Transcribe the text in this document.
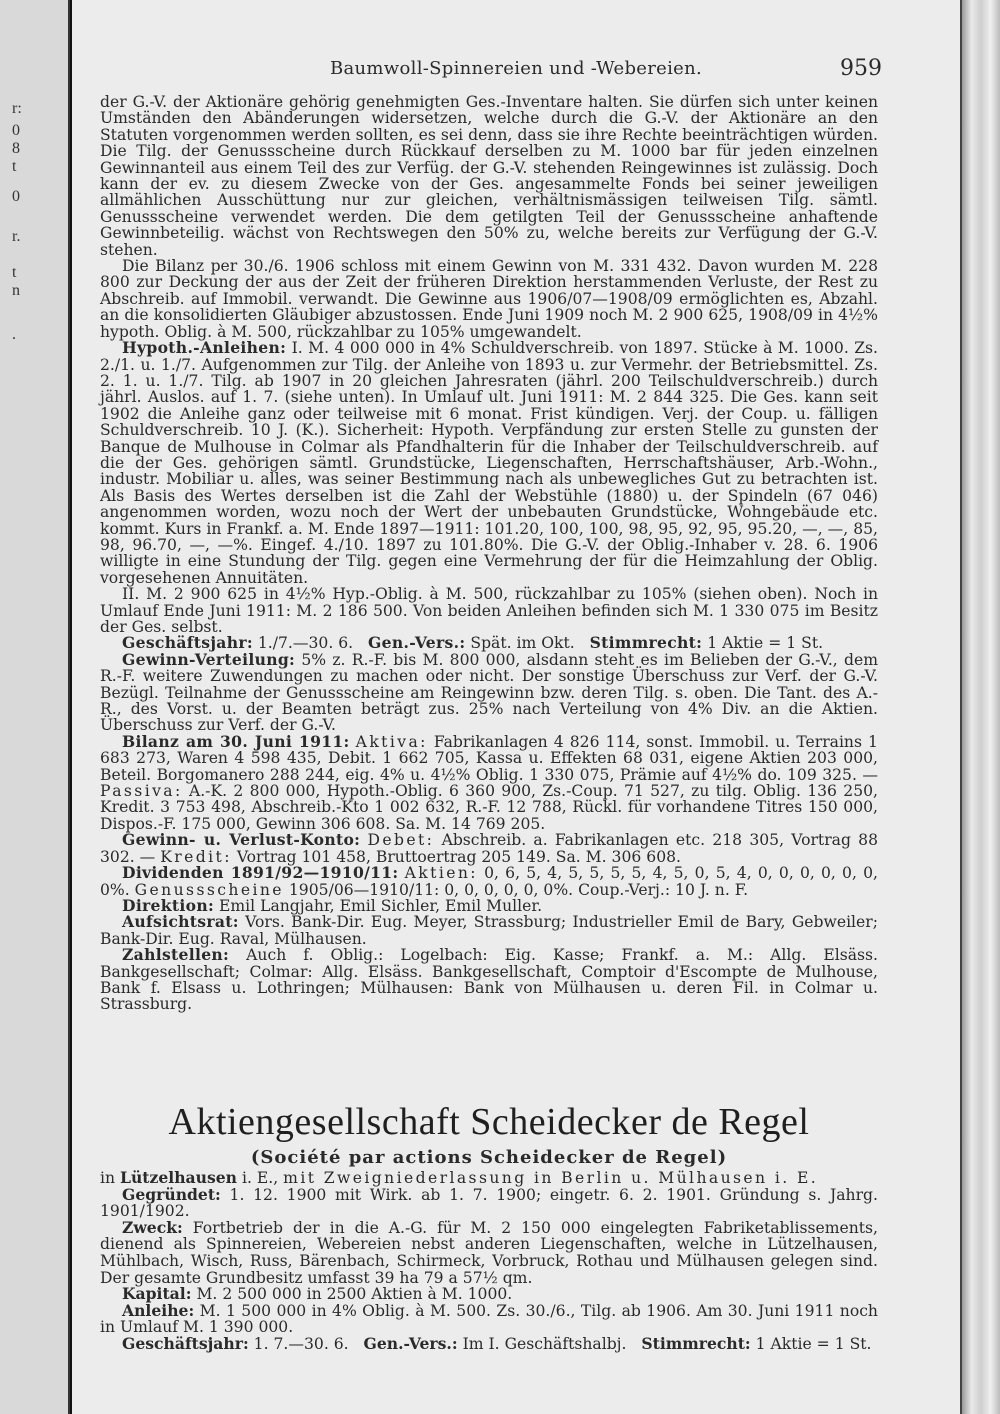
r:
0
8
t
0
r.
t
n
.
Baumwoll-Spinnereien und -Webereien.	959

der G.-V. der Aktionäre gehörig genehmigten Ges.-Inventare halten. Sie dürfen sich unter keinen Umständen den Abänderungen widersetzen, welche durch die G.-V. der Aktionäre an den Statuten vorgenommen werden sollten, es sei denn, dass sie ihre Rechte beeinträchtigen würden. Die Tilg. der Genussscheine durch Rückkauf derselben zu M. 1000 bar für jeden einzelnen Gewinnanteil aus einem Teil des zur Verfüg. der G.-V. stehenden Reingewinnes ist zulässig. Doch kann der ev. zu diesem Zwecke von der Ges. angesammelte Fonds bei seiner jeweiligen allmählichen Ausschüttung nur zur gleichen, verhältnismässigen teilweisen Tilg. sämtl. Genussscheine verwendet werden. Die dem getilgten Teil der Genussscheine anhaftende Gewinnbeteilig. wächst von Rechtswegen den 50% zu, welche bereits zur Verfügung der G.-V. stehen.

Die Bilanz per 30./6. 1906 schloss mit einem Gewinn von M. 331 432. Davon wurden M. 228 800 zur Deckung der aus der Zeit der früheren Direktion herstammenden Verluste, der Rest zu Abschreib. auf Immobil. verwandt. Die Gewinne aus 1906/07—1908/09 ermöglichten es, Abzahl. an die konsolidierten Gläubiger abzustossen. Ende Juni 1909 noch M. 2 900 625, 1908/09 in 4½% hypoth. Oblig. à M. 500, rückzahlbar zu 105% umgewandelt.

Hypoth.-Anleihen: I. M. 4 000 000 in 4% Schuldverschreib. von 1897. Stücke à M. 1000. Zs. 2./1. u. 1./7. Aufgenommen zur Tilg. der Anleihe von 1893 u. zur Vermehr. der Betriebsmittel. Zs. 2. 1. u. 1./7. Tilg. ab 1907 in 20 gleichen Jahresraten (jährl. 200 Teilschuldverschreib.) durch jährl. Auslos. auf 1. 7. (siehe unten). In Umlauf ult. Juni 1911: M. 2 844 325. Die Ges. kann seit 1902 die Anleihe ganz oder teilweise mit 6 monat. Frist kündigen. Verj. der Coup. u. fälligen Schuldverschreib. 10 J. (K.). Sicherheit: Hypoth. Verpfändung zur ersten Stelle zu gunsten der Banque de Mulhouse in Colmar als Pfandhalterin für die Inhaber der Teilschuldverschreib. auf die der Ges. gehörigen sämtl. Grundstücke, Liegenschaften, Herrschaftshäuser, Arb.-Wohn., industr. Mobiliar u. alles, was seiner Bestimmung nach als unbewegliches Gut zu betrachten ist. Als Basis des Wertes derselben ist die Zahl der Webstühle (1880) u. der Spindeln (67 046) angenommen worden, wozu noch der Wert der unbebauten Grundstücke, Wohngebäude etc. kommt. Kurs in Frankf. a. M. Ende 1897—1911: 101.20, 100, 100, 98, 95, 92, 95, 95.20, —, —, 85, 98, 96.70, —, —%. Eingef. 4./10. 1897 zu 101.80%. Die G.-V. der Oblig.-Inhaber v. 28. 6. 1906 willigte in eine Stundung der Tilg. gegen eine Vermehrung der für die Heimzahlung der Oblig. vorgesehenen Annuitäten.

II. M. 2 900 625 in 4½% Hyp.-Oblig. à M. 500, rückzahlbar zu 105% (siehen oben). Noch in Umlauf Ende Juni 1911: M. 2 186 500. Von beiden Anleihen befinden sich M. 1 330 075 im Besitz der Ges. selbst.

Geschäftsjahr: 1./7.—30. 6. Gen.-Vers.: Spät. im Okt. Stimmrecht: 1 Aktie = 1 St.

Gewinn-Verteilung: 5% z. R.-F. bis M. 800 000, alsdann steht es im Belieben der G.-V., dem R.-F. weitere Zuwendungen zu machen oder nicht. Der sonstige Überschuss zur Verf. der G.-V. Bezügl. Teilnahme der Genussscheine am Reingewinn bzw. deren Tilg. s. oben. Die Tant. des A.-R., des Vorst. u. der Beamten beträgt zus. 25% nach Verteilung von 4% Div. an die Aktien. Überschuss zur Verf. der G.-V.

Bilanz am 30. Juni 1911: Aktiva: Fabrikanlagen 4 826 114, sonst. Immobil. u. Terrains 1 683 273, Waren 4 598 435, Debit. 1 662 705, Kassa u. Effekten 68 031, eigene Aktien 203 000, Beteil. Borgomanero 288 244, eig. 4% u. 4½% Oblig. 1 330 075, Prämie auf 4½% do. 109 325. — Passiva: A.-K. 2 800 000, Hypoth.-Oblig. 6 360 900, Zs.-Coup. 71 527, zu tilg. Oblig. 136 250, Kredit. 3 753 498, Abschreib.-Kto 1 002 632, R.-F. 12 788, Rückl. für vorhandene Titres 150 000, Dispos.-F. 175 000, Gewinn 306 608. Sa. M. 14 769 205.

Gewinn- u. Verlust-Konto: Debet: Abschreib. a. Fabrikanlagen etc. 218 305, Vortrag 88 302. — Kredit: Vortrag 101 458, Bruttoertrag 205 149. Sa. M. 306 608.

Dividenden 1891/92—1910/11: Aktien: 0, 6, 5, 4, 5, 5, 5, 5, 4, 5, 0, 5, 4, 0, 0, 0, 0, 0, 0, 0%. Genussscheine 1905/06—1910/11: 0, 0, 0, 0, 0, 0%. Coup.-Verj.: 10 J. n. F.

Direktion: Emil Langjahr, Emil Sichler, Emil Muller.

Aufsichtsrat: Vors. Bank-Dir. Eug. Meyer, Strassburg; Industrieller Emil de Bary, Gebweiler; Bank-Dir. Eug. Raval, Mülhausen.

Zahlstellen: Auch f. Oblig.: Logelbach: Eig. Kasse; Frankf. a. M.: Allg. Elsäss. Bankgesellschaft; Colmar: Allg. Elsäss. Bankgesellschaft, Comptoir d'Escompte de Mulhouse, Bank f. Elsass u. Lothringen; Mülhausen: Bank von Mülhausen u. deren Fil. in Colmar u. Strassburg.

Aktiengesellschaft Scheidecker de Regel
(Société par actions Scheidecker de Regel)

in Lützelhausen i. E., mit Zweigniederlassung in Berlin u. Mülhausen i. E.

Gegründet: 1. 12. 1900 mit Wirk. ab 1. 7. 1900; eingetr. 6. 2. 1901. Gründung s. Jahrg. 1901/1902.

Zweck: Fortbetrieb der in die A.-G. für M. 2 150 000 eingelegten Fabriketablissements, dienend als Spinnereien, Webereien nebst anderen Liegenschaften, welche in Lützelhausen, Mühlbach, Wisch, Russ, Bärenbach, Schirmeck, Vorbruck, Rothau und Mülhausen gelegen sind. Der gesamte Grundbesitz umfasst 39 ha 79 a 57½ qm.

Kapital: M. 2 500 000 in 2500 Aktien à M. 1000.

Anleihe: M. 1 500 000 in 4% Oblig. à M. 500. Zs. 30./6., Tilg. ab 1906. Am 30. Juni 1911 noch in Umlauf M. 1 390 000.

Geschäftsjahr: 1. 7.—30. 6. Gen.-Vers.: Im I. Geschäftshalbj. Stimmrecht: 1 Aktie = 1 St.
